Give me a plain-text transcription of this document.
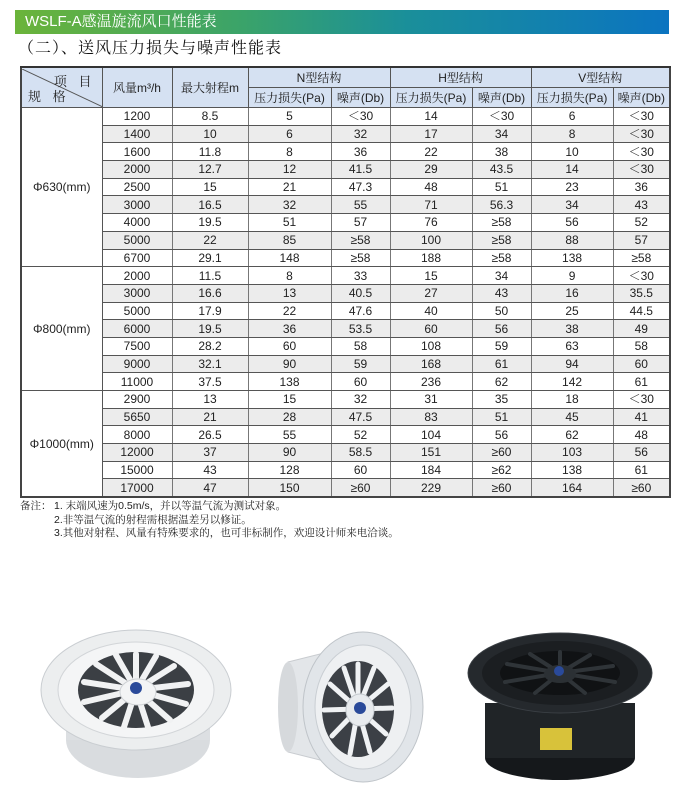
WSLF-A感温旋流风口性能表
（二）、送风压力损失与噪声性能表
项 目
规 格	风量m³/h	最大射程m	N型结构		H型结构		V型结构	
			压力损失(Pa)	噪声(Db)	压力损失(Pa)	噪声(Db)	压力损失(Pa)	噪声(Db)
Φ630(mm)	1200	8.5	5	＜30	14	＜30	6	＜30
	1400	10	6	32	17	34	8	＜30
	1600	11.8	8	36	22	38	10	＜30
	2000	12.7	12	41.5	29	43.5	14	＜30
	2500	15	21	47.3	48	51	23	36
	3000	16.5	32	55	71	56.3	34	43
	4000	19.5	51	57	76	≥58	56	52
	5000	22	85	≥58	100	≥58	88	57
	6700	29.1	148	≥58	188	≥58	138	≥58
Φ800(mm)	2000	11.5	8	33	15	34	9	＜30
	3000	16.6	13	40.5	27	43	16	35.5
	5000	17.9	22	47.6	40	50	25	44.5
	6000	19.5	36	53.5	60	56	38	49
	7500	28.2	60	58	108	59	63	58
	9000	32.1	90	59	168	61	94	60
	11000	37.5	138	60	236	62	142	61
Φ1000(mm)	2900	13	15	32	31	35	18	＜30
	5650	21	28	47.5	83	51	45	41
	8000	26.5	55	52	104	56	62	48
	12000	37	90	58.5	151	≥60	103	56
	15000	43	128	60	184	≥62	138	61
	17000	47	150	≥60	229	≥60	164	≥60
备注： 1. 末端风速为0.5m/s，并以等温气流为测试对象。
2.非等温气流的射程需根据温差另以修证。
3.其他对射程、风量有特殊要求的，也可非标制作，欢迎设计师来电洽谈。
